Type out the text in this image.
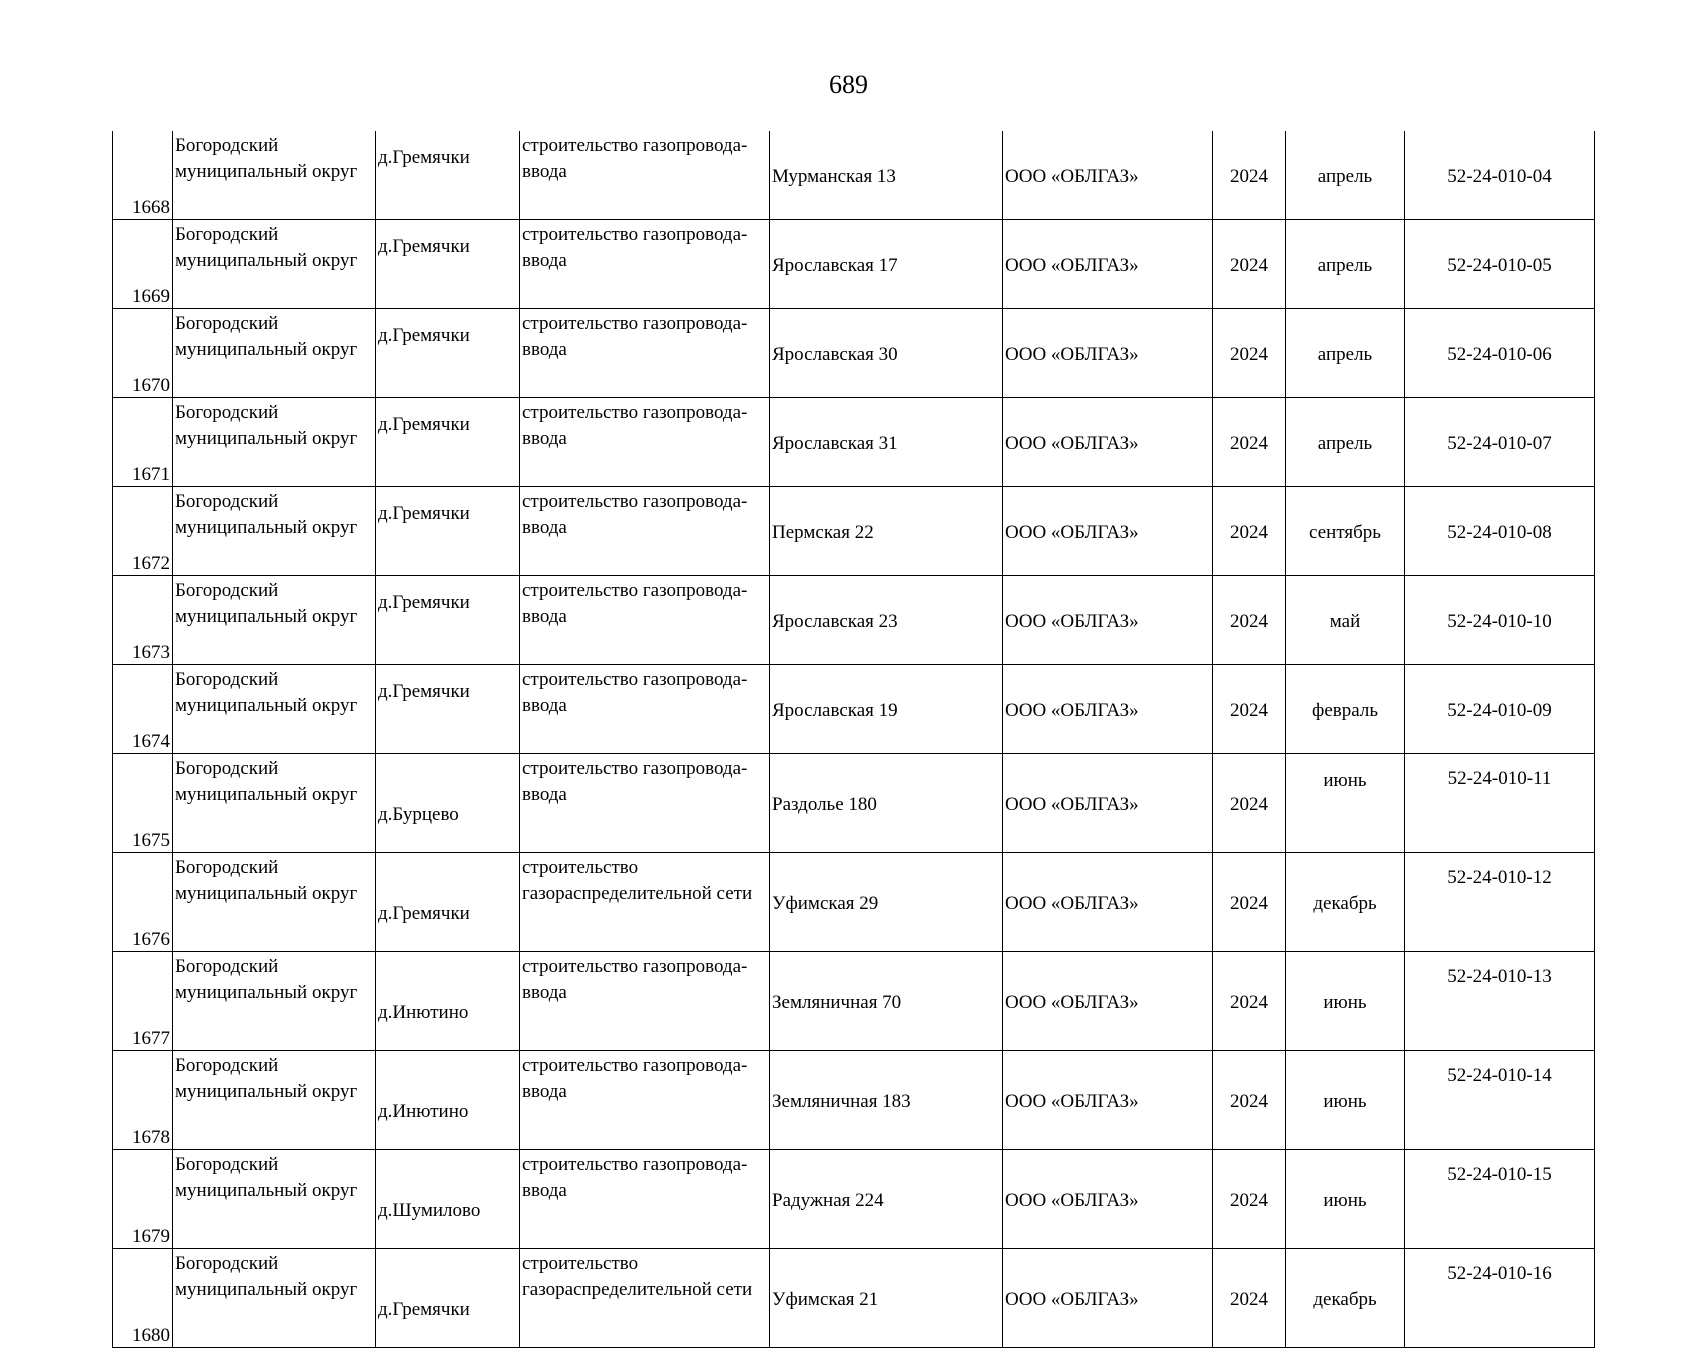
689
1668	Богородский муниципальный округ	д.Гремячки	строительство газопровода-ввода	Мурманская 13	ООО «ОБЛГАЗ»	2024	апрель	52-24-010-04
1669	Богородский муниципальный округ	д.Гремячки	строительство газопровода-ввода	Ярославская 17	ООО «ОБЛГАЗ»	2024	апрель	52-24-010-05
1670	Богородский муниципальный округ	д.Гремячки	строительство газопровода-ввода	Ярославская 30	ООО «ОБЛГАЗ»	2024	апрель	52-24-010-06
1671	Богородский муниципальный округ	д.Гремячки	строительство газопровода-ввода	Ярославская 31	ООО «ОБЛГАЗ»	2024	апрель	52-24-010-07
1672	Богородский муниципальный округ	д.Гремячки	строительство газопровода-ввода	Пермская 22	ООО «ОБЛГАЗ»	2024	сентябрь	52-24-010-08
1673	Богородский муниципальный округ	д.Гремячки	строительство газопровода-ввода	Ярославская 23	ООО «ОБЛГАЗ»	2024	май	52-24-010-10
1674	Богородский муниципальный округ	д.Гремячки	строительство газопровода-ввода	Ярославская 19	ООО «ОБЛГАЗ»	2024	февраль	52-24-010-09
1675	Богородский муниципальный округ	д.Бурцево	строительство газопровода-ввода	Раздолье 180	ООО «ОБЛГАЗ»	2024	июнь	52-24-010-11
1676	Богородский муниципальный округ	д.Гремячки	строительство газораспределительной сети	Уфимская 29	ООО «ОБЛГАЗ»	2024	декабрь	52-24-010-12
1677	Богородский муниципальный округ	д.Инютино	строительство газопровода-ввода	Земляничная 70	ООО «ОБЛГАЗ»	2024	июнь	52-24-010-13
1678	Богородский муниципальный округ	д.Инютино	строительство газопровода-ввода	Земляничная 183	ООО «ОБЛГАЗ»	2024	июнь	52-24-010-14
1679	Богородский муниципальный округ	д.Шумилово	строительство газопровода-ввода	Радужная 224	ООО «ОБЛГАЗ»	2024	июнь	52-24-010-15
1680	Богородский муниципальный округ	д.Гремячки	строительство газораспределительной сети	Уфимская 21	ООО «ОБЛГАЗ»	2024	декабрь	52-24-010-16
